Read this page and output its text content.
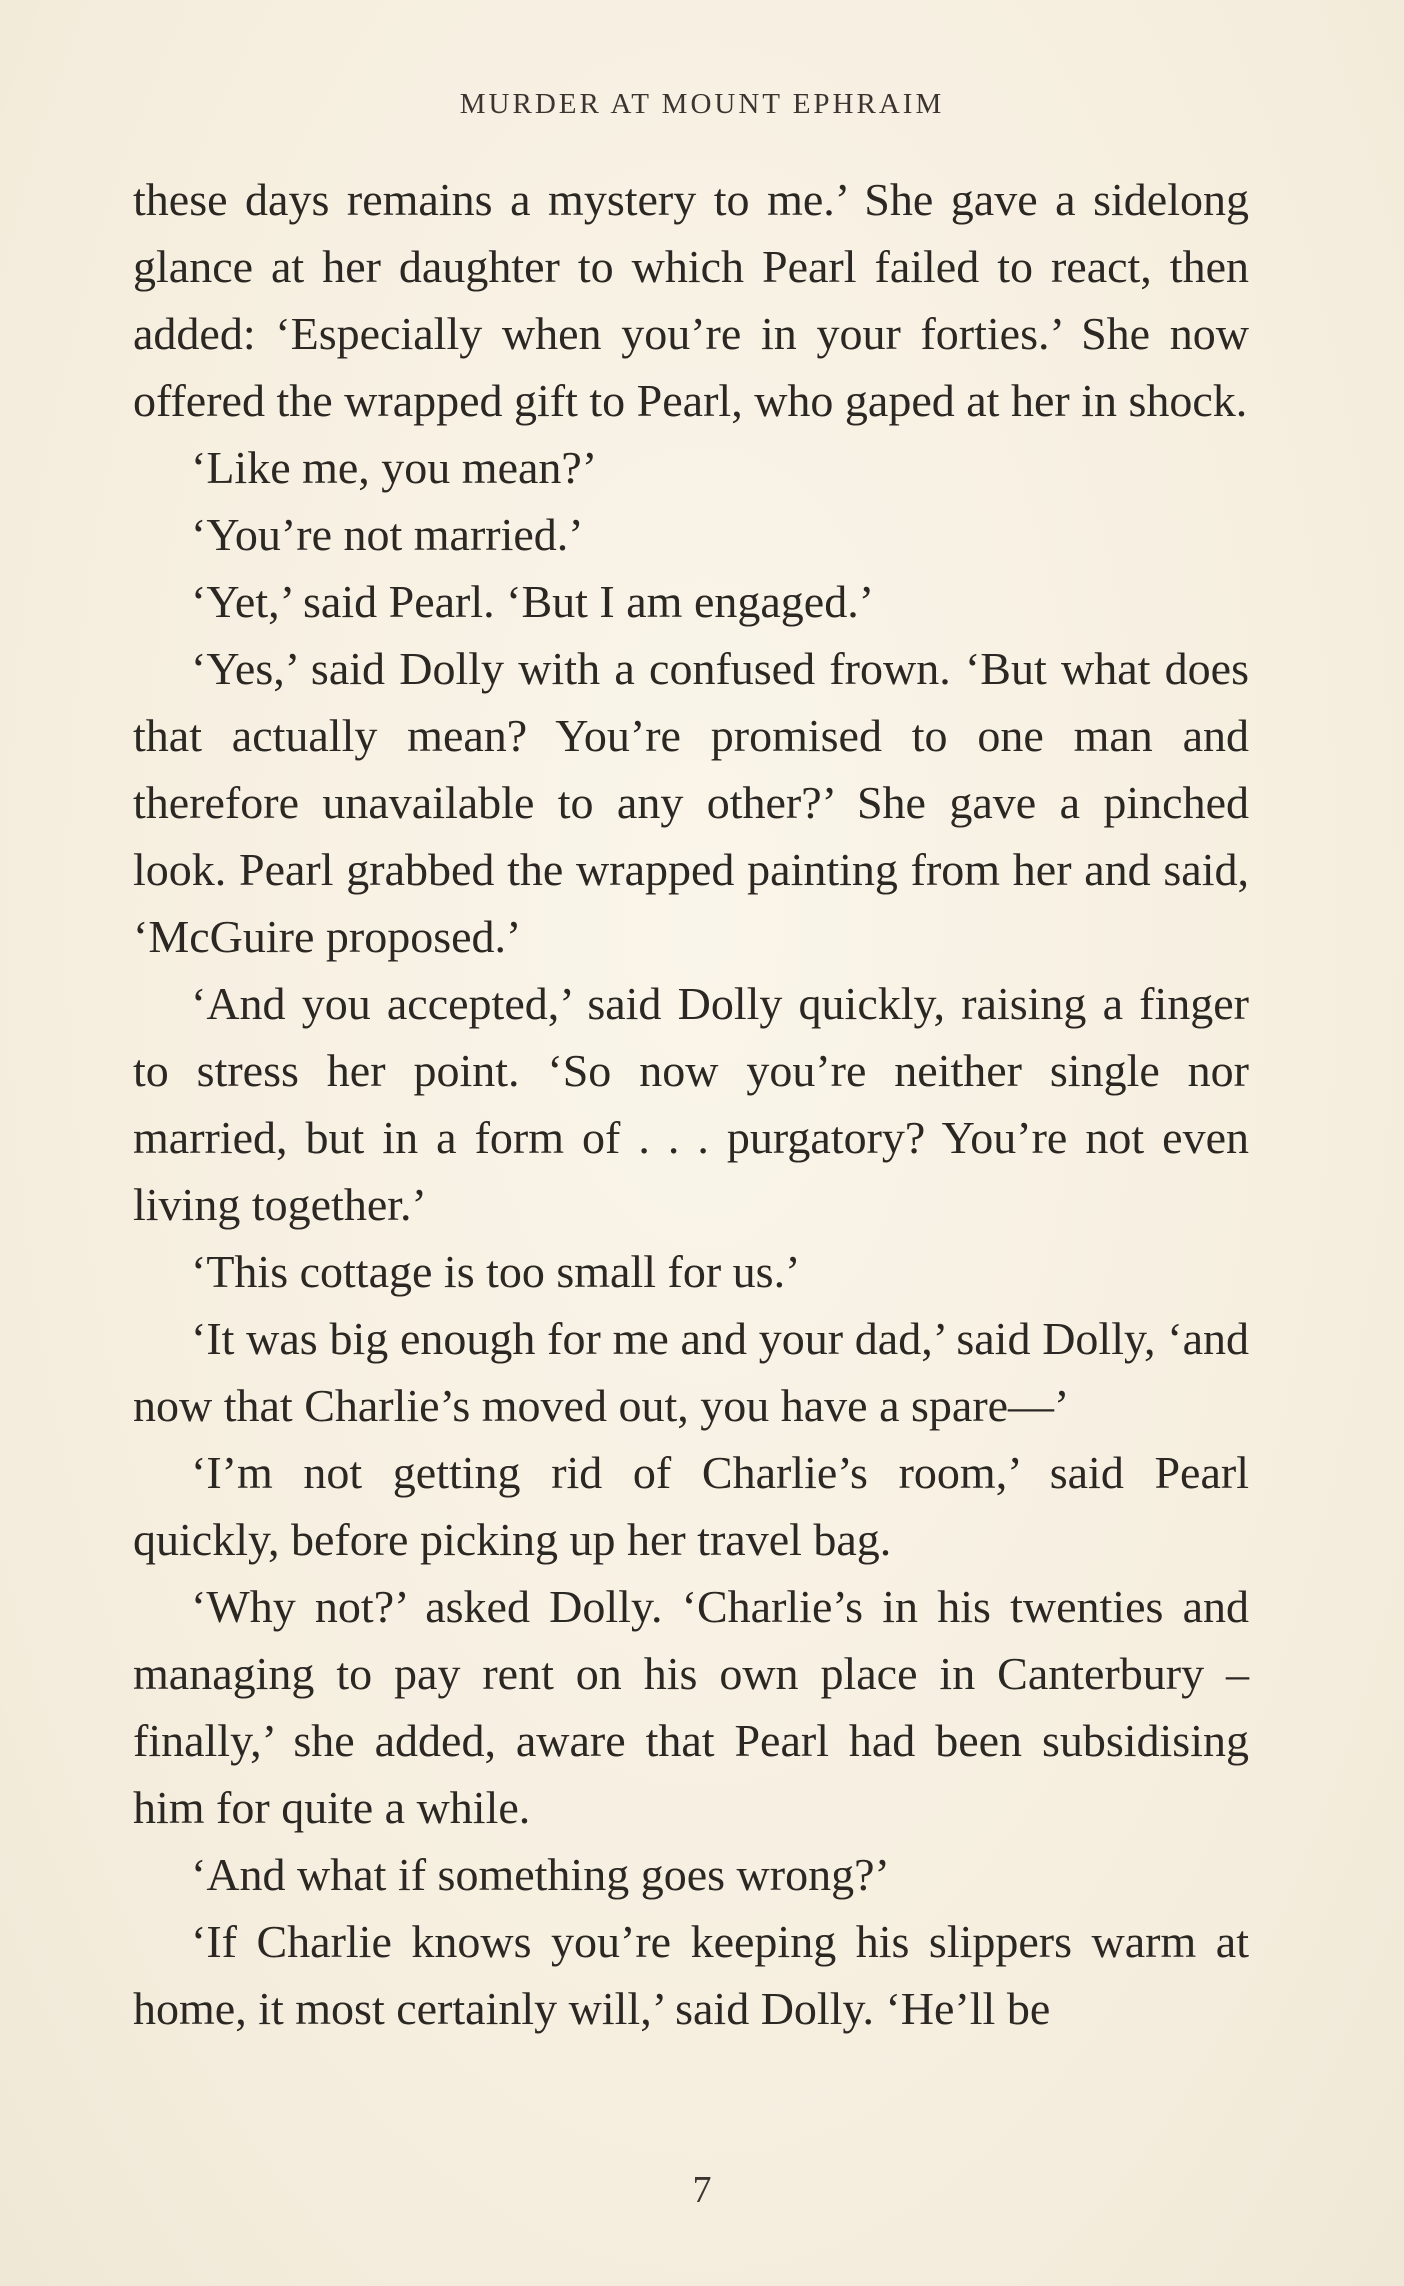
MURDER AT MOUNT EPHRAIM

these days remains a mystery to me.’ She gave a sidelong glance at her daughter to which Pearl failed to react, then added: ‘Especially when you’re in your forties.’ She now offered the wrapped gift to Pearl, who gaped at her in shock.

‘Like me, you mean?’

‘You’re not married.’

‘Yet,’ said Pearl. ‘But I am engaged.’

‘Yes,’ said Dolly with a confused frown. ‘But what does that actually mean? You’re promised to one man and therefore unavailable to any other?’ She gave a pinched look. Pearl grabbed the wrapped painting from her and said, ‘McGuire proposed.’

‘And you accepted,’ said Dolly quickly, raising a finger to stress her point. ‘So now you’re neither single nor married, but in a form of . . . purgatory? You’re not even living together.’

‘This cottage is too small for us.’

‘It was big enough for me and your dad,’ said Dolly, ‘and now that Charlie’s moved out, you have a spare—’

‘I’m not getting rid of Charlie’s room,’ said Pearl quickly, before picking up her travel bag.

‘Why not?’ asked Dolly. ‘Charlie’s in his twenties and managing to pay rent on his own place in Canterbury – finally,’ she added, aware that Pearl had been subsidising him for quite a while.

‘And what if something goes wrong?’

‘If Charlie knows you’re keeping his slippers warm at home, it most certainly will,’ said Dolly. ‘He’ll be

7
